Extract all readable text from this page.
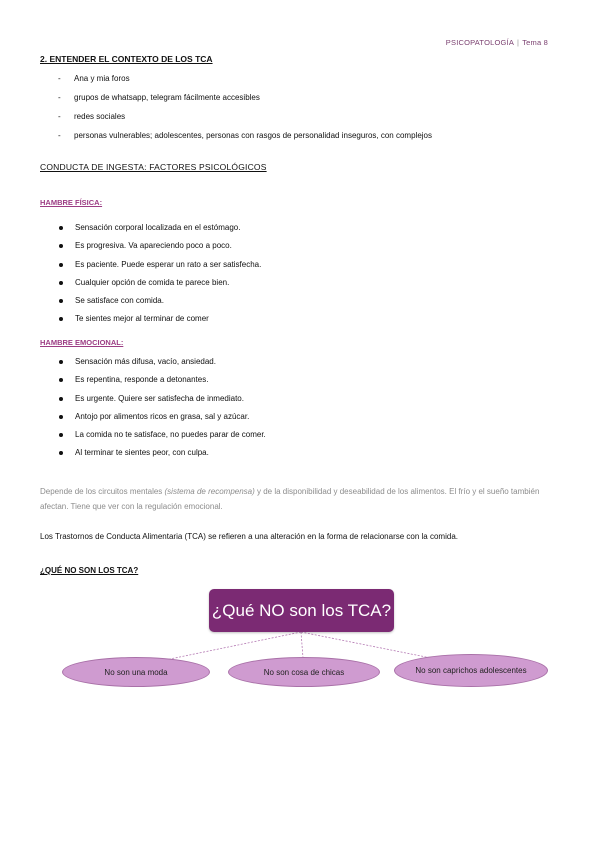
PSICOPATOLOGÍA | Tema 8
2. ENTENDER EL CONTEXTO DE LOS TCA
- Ana y mia foros
- grupos de whatsapp, telegram fácilmente accesibles
- redes sociales
- personas vulnerables; adolescentes, personas con rasgos de personalidad inseguros, con complejos
CONDUCTA DE INGESTA: FACTORES PSICOLÓGICOS
HAMBRE FÍSICA:
Sensación corporal localizada en el estómago.
Es progresiva. Va apareciendo poco a poco.
Es paciente. Puede esperar un rato a ser satisfecha.
Cualquier opción de comida te parece bien.
Se satisface con comida.
Te sientes mejor al terminar de comer
HAMBRE EMOCIONAL:
Sensación más difusa, vacío, ansiedad.
Es repentina, responde a detonantes.
Es urgente. Quiere ser satisfecha de inmediato.
Antojo por alimentos ricos en grasa, sal y azúcar.
La comida no te satisface, no puedes parar de comer.
Al terminar te sientes peor, con culpa.
Depende de los circuitos mentales (sistema de recompensa) y de la disponibilidad y deseabilidad de los alimentos. El frío y el sueño también afectan. Tiene que ver con la regulación emocional.
Los Trastornos de Conducta Alimentaria (TCA) se refieren a una alteración en la forma de relacionarse con la comida.
¿QUÉ NO SON LOS TCA?
¿Qué NO son los TCA?
No son una moda	No son cosa de chicas	No son caprichos adolescentes
